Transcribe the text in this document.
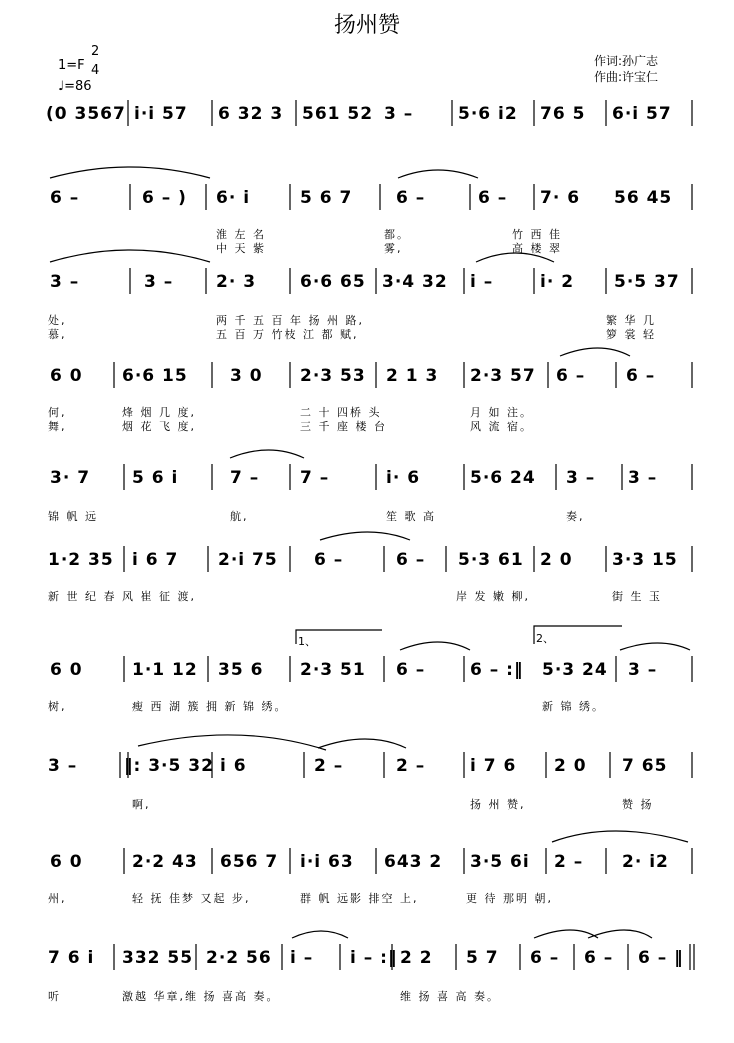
扬州赞
1=F
2
4
♩=86
作词:孙广志
作曲:许宝仁
1、	2、
(0 3567 i·i 57 6 32 3 561 52 3 –	5·6 i2 76 5 6·i 57
6 –	6 – ) 6· i	5 6 7	6 –	6 – 7· 6 56 45
淮 左 名	都。	竹 西 佳
中 天 紫	雾,	高 楼 翠
3 –	3 –	2· 3	6·6 65 3·4 32 i –	i· 2 5·5 37
处,	两 千 五 百 年 扬 州 路,	繁 华 几
慕,	五 百 万 竹枝 江 都 赋,	箩 裳 轻
6 0 6·6 15 3 0 2·3 53 2 1 3 2·3 57 6 – 6 –
何,	烽 烟 几 度,	二 十 四桥 头	月 如 注。
舞,	烟 花 飞 度,	三 千 座 楼 台	风 流 宿。
3· 7 5 6 i	7 – 7 –	i· 6	5·6 24 3 – 3 –
锦 帆 远	航,	笙 歌 高	奏,
1·2 35 i 6 7 2·i 75 6 –	6 – 5·3 61 2 0 3·3 15
新 世 纪 春 风 崔 征 渡,	岸 发 嫩 柳,	街 生 玉
6 0	1·1 12 35 6 2·3 51 6 –	6 – :‖ 5·3 24 3 –
树,	瘦 西 湖 簇 拥 新 锦 绣。	新 锦 绣。
3 –	‖: 3·5 32 i 6	2 –	2 –	i 7 6 2 0 7 65
啊,	扬 州 赞,	赞 扬
6 0	2·2 43 656 7 i·i 63 643 2 3·5 6i 2 – 2· i2
州,	轻 抚 佳梦 又起 步,	群 帆 远影 排空 上,	更 待 那明 朝,
7 6 i 332 55 2·2 56 i – i – :‖ 2 2 5 7 6 – 6 – 6 – ‖
听	激越 华章,维 扬 喜高 奏。	维 扬 喜 高 奏。
